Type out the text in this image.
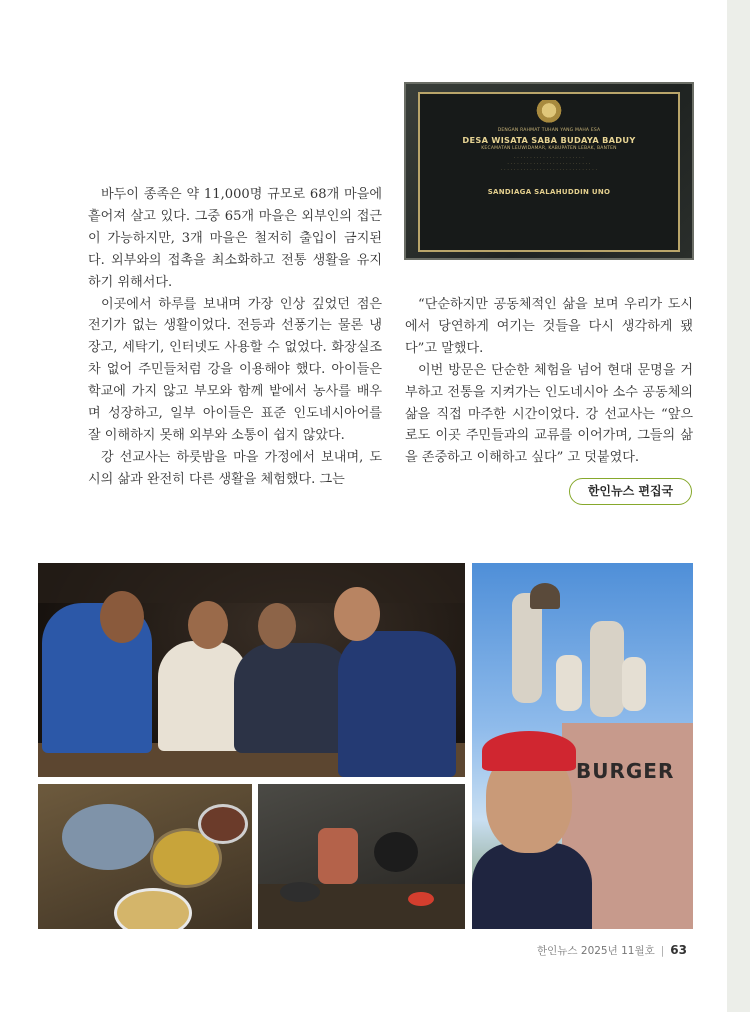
DENGAN RAHMAT TUHAN YANG MAHA ESA
DESA WISATA SABA BUDAYA BADUY
KECAMATAN LEUWIDAMAR, KABUPATEN LEBAK, BANTEN
· · · · · · · · · · · · · · · · · · · · · ·
· · · · · · · · · · · · · · · · · · · · · · · · · ·
· · · · · · · · · · · · · · · · · · · · · · · · · · · · · ·
SANDIAGA SALAHUDDIN UNO

바두이 종족은 약 11,000명 규모로 68개 마을에 흩어져 살고 있다. 그중 65개 마을은 외부인의 접근이 가능하지만, 3개 마을은 철저히 출입이 금지된다. 외부와의 접촉을 최소화하고 전통 생활을 유지하기 위해서다.

이곳에서 하루를 보내며 가장 인상 깊었던 점은 전기가 없는 생활이었다. 전등과 선풍기는 물론 냉장고, 세탁기, 인터넷도 사용할 수 없었다. 화장실조차 없어 주민들처럼 강을 이용해야 했다. 아이들은 학교에 가지 않고 부모와 함께 밭에서 농사를 배우며 성장하고, 일부 아이들은 표준 인도네시아어를 잘 이해하지 못해 외부와 소통이 쉽지 않았다.

강 선교사는 하룻밤을 마을 가정에서 보내며, 도시의 삶과 완전히 다른 생활을 체험했다. 그는

“단순하지만 공동체적인 삶을 보며 우리가 도시에서 당연하게 여기는 것들을 다시 생각하게 됐다”고 말했다.

이번 방문은 단순한 체험을 넘어 현대 문명을 거부하고 전통을 지켜가는 인도네시아 소수 공동체의 삶을 직접 마주한 시간이었다. 강 선교사는 “앞으로도 이곳 주민들과의 교류를 이어가며, 그들의 삶을 존중하고 이해하고 싶다” 고 덧붙였다.

한인뉴스 편집국
BURGER
한인뉴스 2025년 11월호 | 63
